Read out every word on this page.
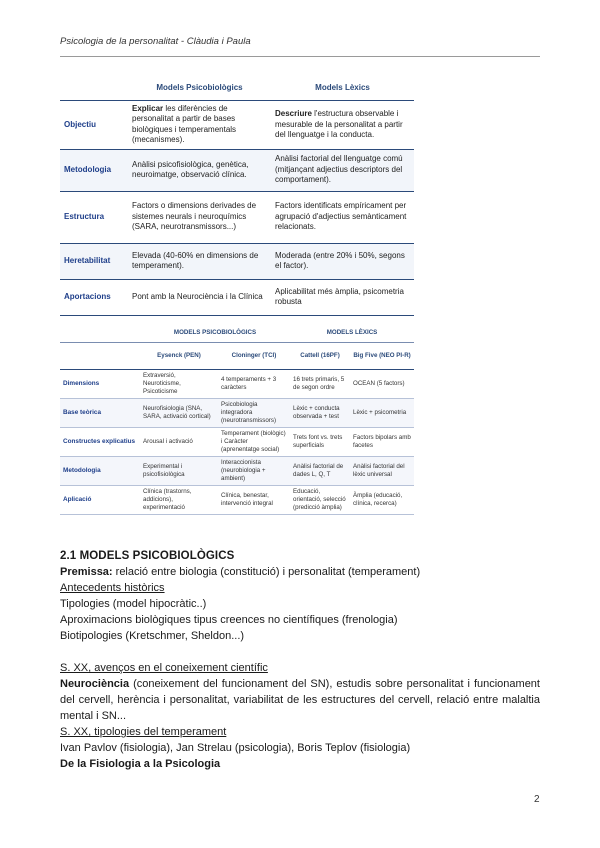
Psicologia de la personalitat - Clàudia i Paula
	Models Psicobiològics	Models Lèxics
Objectiu	Explicar les diferències de personalitat a partir de bases biològiques i temperamentals (mecanismes).	Descriure l'estructura observable i mesurable de la personalitat a partir del llenguatge i la conducta.
Metodologia	Anàlisi psicofisiològica, genètica, neuroimatge, observació clínica.	Anàlisi factorial del llenguatge comú (mitjançant adjectius descriptors del comportament).
Estructura	Factors o dimensions derivades de sistemes neurals i neuroquímics (SARA, neurotransmissors...)	Factors identificats empíricament per agrupació d'adjectius semànticament relacionats.
Heretabilitat	Elevada (40-60% en dimensions de temperament).	Moderada (entre 20% i 50%, segons el factor).
Aportacions	Pont amb la Neurociència i la Clínica	Aplicabilitat més àmplia, psicometria robusta
	MODELS PSICOBIOLÒGICS		MODELS LÈXICS	
	Eysenck (PEN)	Cloninger (TCI)	Cattell (16PF)	Big Five (NEO PI-R)
Dimensions	Extraversió, Neuroticisme, Psicoticisme	4 temperaments + 3 caràcters	16 trets primaris, 5 de segon ordre	OCEAN (5 factors)
Base teòrica	Neurofisiologia (SNA, SARA, activació cortical)	Psicobiologia integradora (neurotransmissors)	Lèxic + conducta observada + test	Lèxic + psicometria
Constructes explicatius	Arousal i activació	Temperament (biològic) i Caràcter (aprenentatge social)	Trets font vs. trets superficials	Factors bipolars amb facetes
Metodologia	Experimental i psicofisiològica	Interaccionista (neurobiologia + ambient)	Anàlisi factorial de dades L, Q, T	Anàlisi factorial del lèxic universal
Aplicació	Clínica (trastorns, addicions), experimentació	Clínica, benestar, intervenció integral	Educació, orientació, selecció (predicció àmplia)	Àmplia (educació, clínica, recerca)

2.1 MODELS PSICOBIOLÒGICS

Premissa: relació entre biologia (constitució) i personalitat (temperament)

Antecedents històrics

Tipologies (model hipocràtic..)

Aproximacions biològiques tipus creences no científiques (frenologia)

Biotipologies (Kretschmer, Sheldon...)

S. XX, avenços en el coneixement científic

Neurociència (coneixement del funcionament del SN), estudis sobre personalitat i funcionament del cervell, herència i personalitat, variabilitat de les estructures del cervell, relació entre malaltia mental i SN...

S. XX, tipologies del temperament

Ivan Pavlov (fisiologia), Jan Strelau (psicologia), Boris Teplov (fisiologia)

De la Fisiologia a la Psicologia

2
